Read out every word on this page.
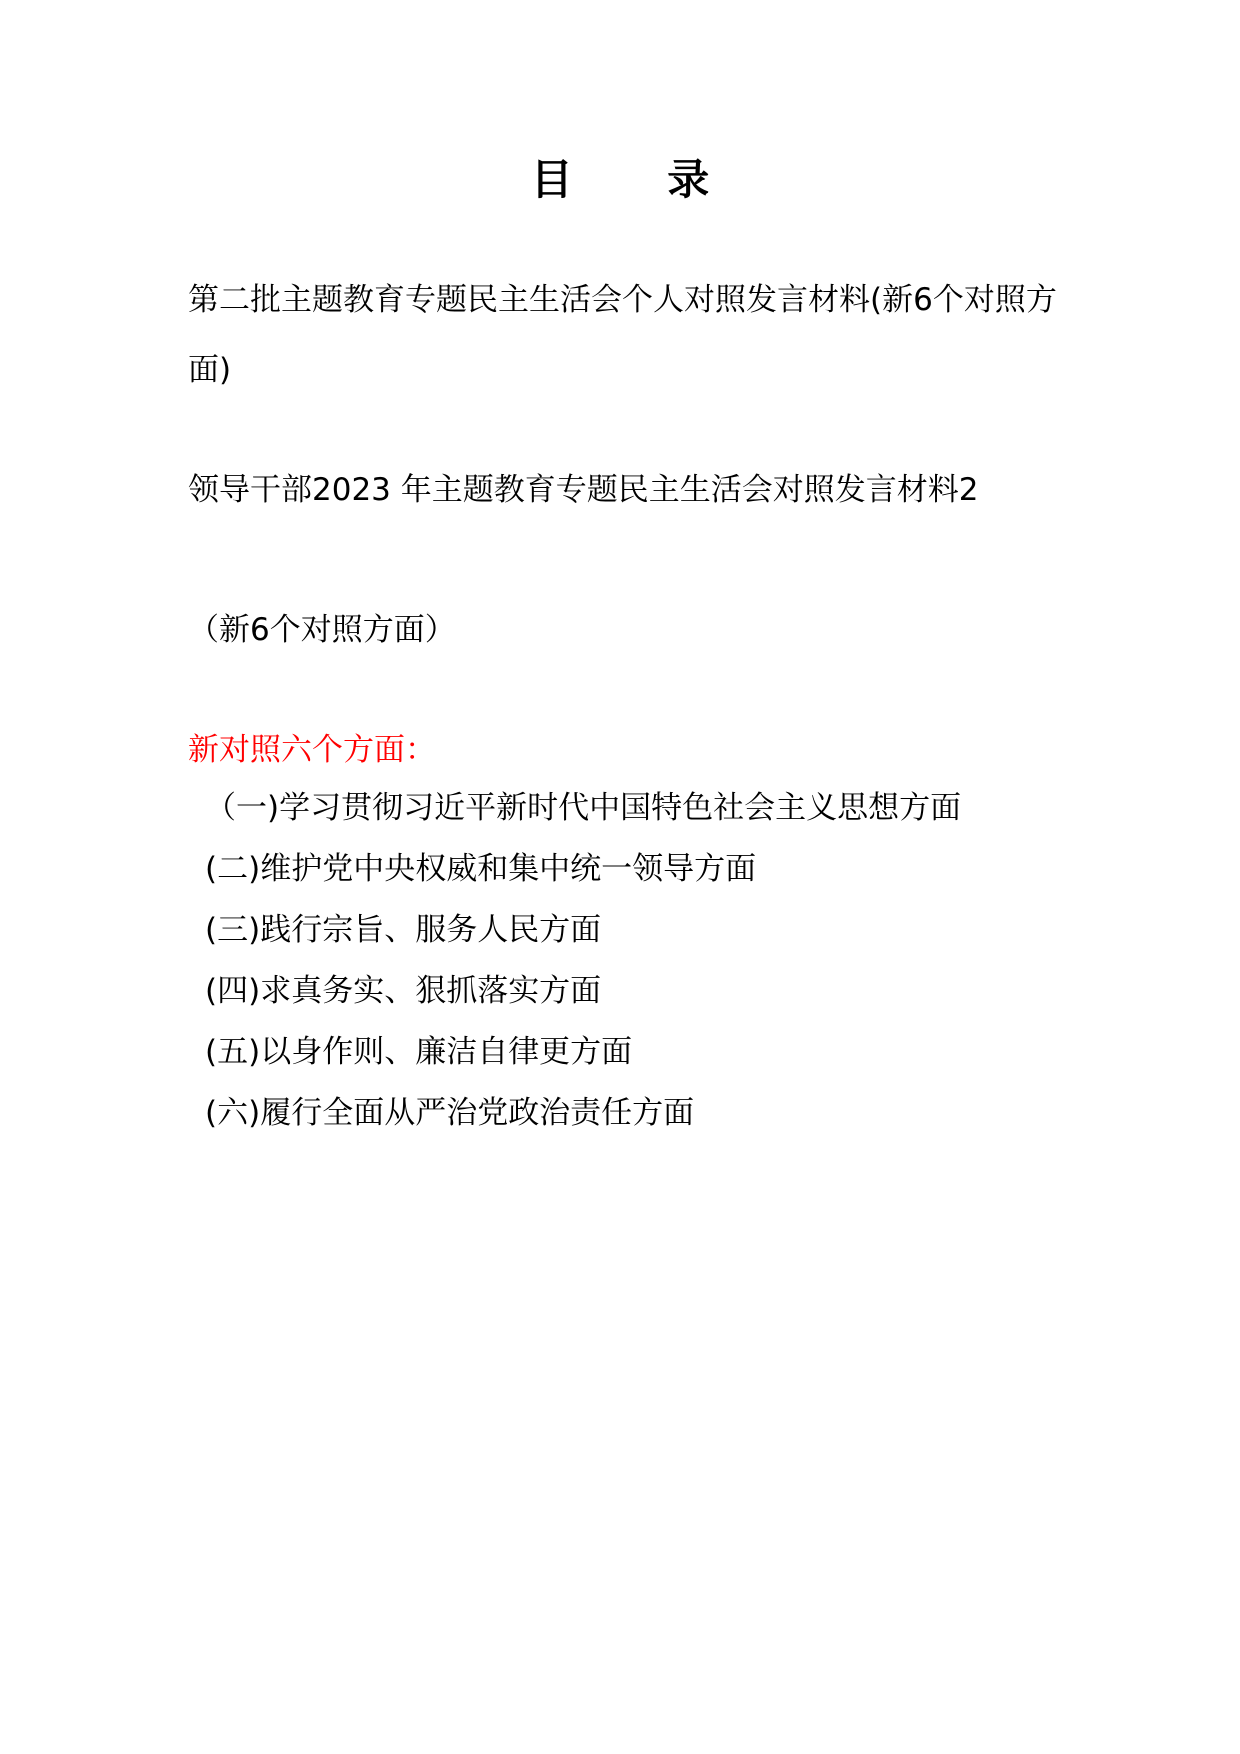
目 录
第二批主题教育专题民主生活会个人对照发言材料(新6个对照方面)
领导干部2023 年主题教育专题民主生活会对照发言材料2
（新6个对照方面）
新对照六个方面：
（一)学习贯彻习近平新时代中国特色社会主义思想方面
(二)维护党中央权威和集中统一领导方面
(三)践行宗旨、服务人民方面
(四)求真务实、狠抓落实方面
(五)以身作则、廉洁自律更方面
(六)履行全面从严治党政治责任方面
